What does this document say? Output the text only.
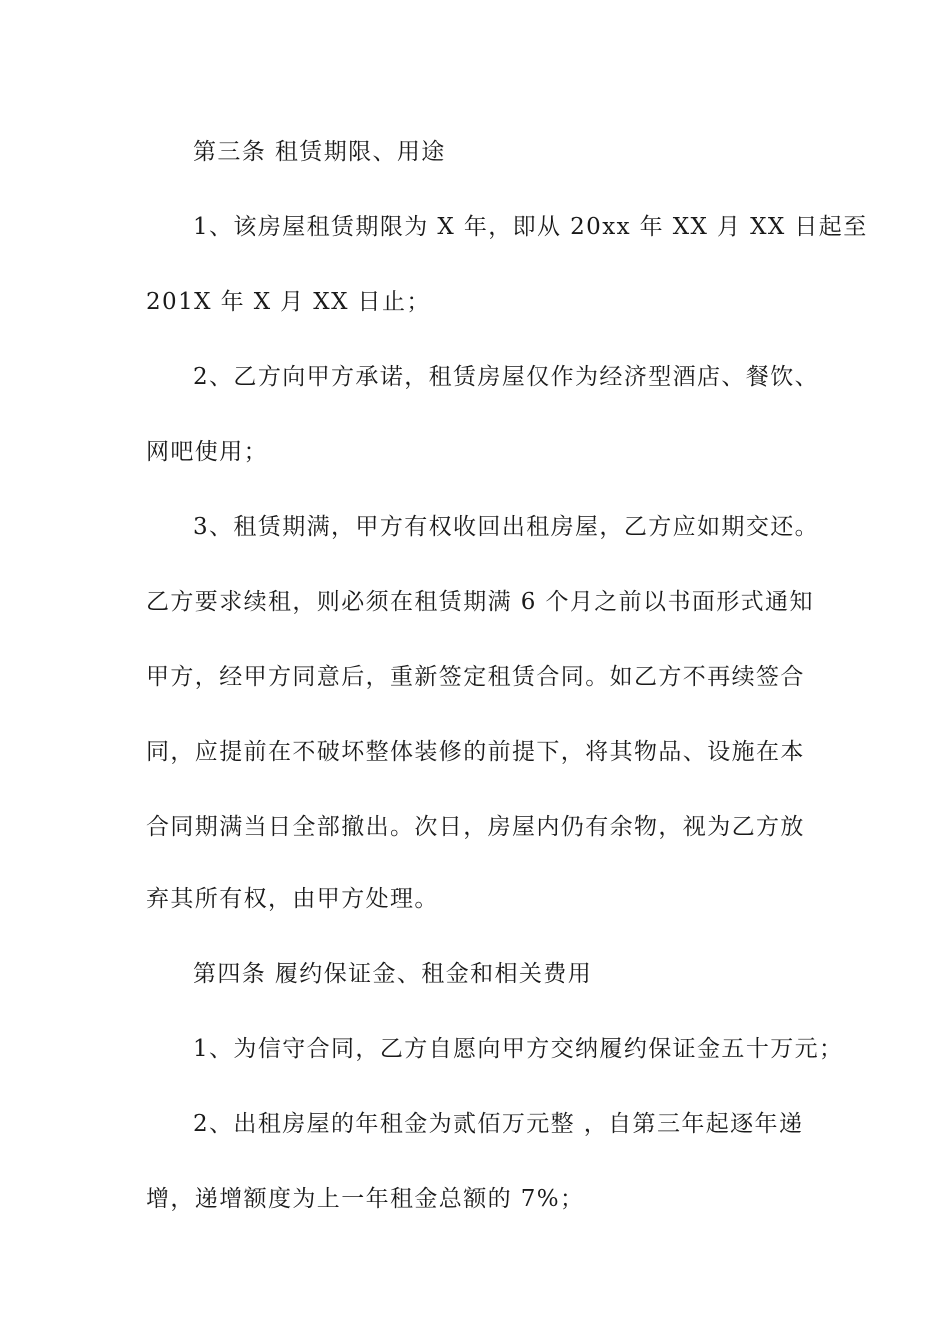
第三条 租赁期限、用途
1、该房屋租赁期限为 X 年，即从 20xx 年 XX 月 XX 日起至
201X 年 X 月 XX 日止；
2、乙方向甲方承诺，租赁房屋仅作为经济型酒店、餐饮、
网吧使用；
3、租赁期满，甲方有权收回出租房屋，乙方应如期交还。
乙方要求续租，则必须在租赁期满 6 个月之前以书面形式通知
甲方，经甲方同意后，重新签定租赁合同。如乙方不再续签合
同，应提前在不破坏整体装修的前提下，将其物品、设施在本
合同期满当日全部撤出。次日，房屋内仍有余物，视为乙方放
弃其所有权，由甲方处理。
第四条 履约保证金、租金和相关费用
1、为信守合同，乙方自愿向甲方交纳履约保证金五十万元；
2、出租房屋的年租金为贰佰万元整 ，自第三年起逐年递
增，递增额度为上一年租金总额的 7%；
